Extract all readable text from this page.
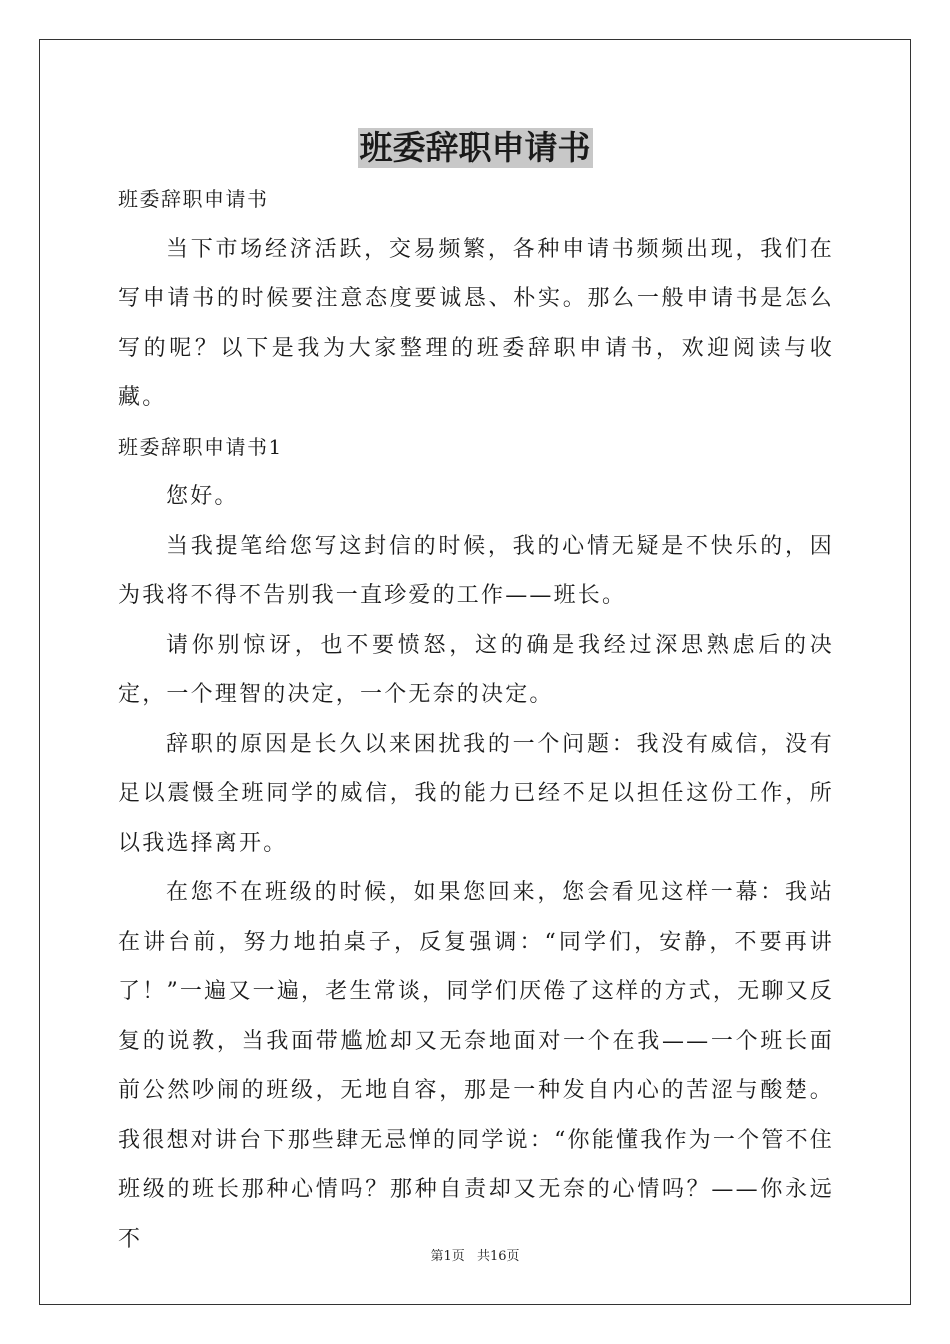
班委辞职申请书

班委辞职申请书

当下市场经济活跃，交易频繁，各种申请书频频出现，我们在写申请书的时候要注意态度要诚恳、朴实。那么一般申请书是怎么写的呢？以下是我为大家整理的班委辞职申请书，欢迎阅读与收藏。

班委辞职申请书1

您好。

当我提笔给您写这封信的时候，我的心情无疑是不快乐的，因为我将不得不告别我一直珍爱的工作——班长。

请你别惊讶，也不要愤怒，这的确是我经过深思熟虑后的决定，一个理智的决定，一个无奈的决定。

辞职的原因是长久以来困扰我的一个问题：我没有威信，没有足以震慑全班同学的威信，我的能力已经不足以担任这份工作，所以我选择离开。

在您不在班级的时候，如果您回来，您会看见这样一幕：我站在讲台前，努力地拍桌子，反复强调：“同学们，安静，不要再讲了！”一遍又一遍，老生常谈，同学们厌倦了这样的方式，无聊又反复的说教，当我面带尴尬却又无奈地面对一个在我——一个班长面前公然吵闹的班级，无地自容，那是一种发自内心的苦涩与酸楚。我很想对讲台下那些肆无忌惮的同学说：“你能懂我作为一个管不住班级的班长那种心情吗？那种自责却又无奈的心情吗？——你永远不

第1页 共16页
